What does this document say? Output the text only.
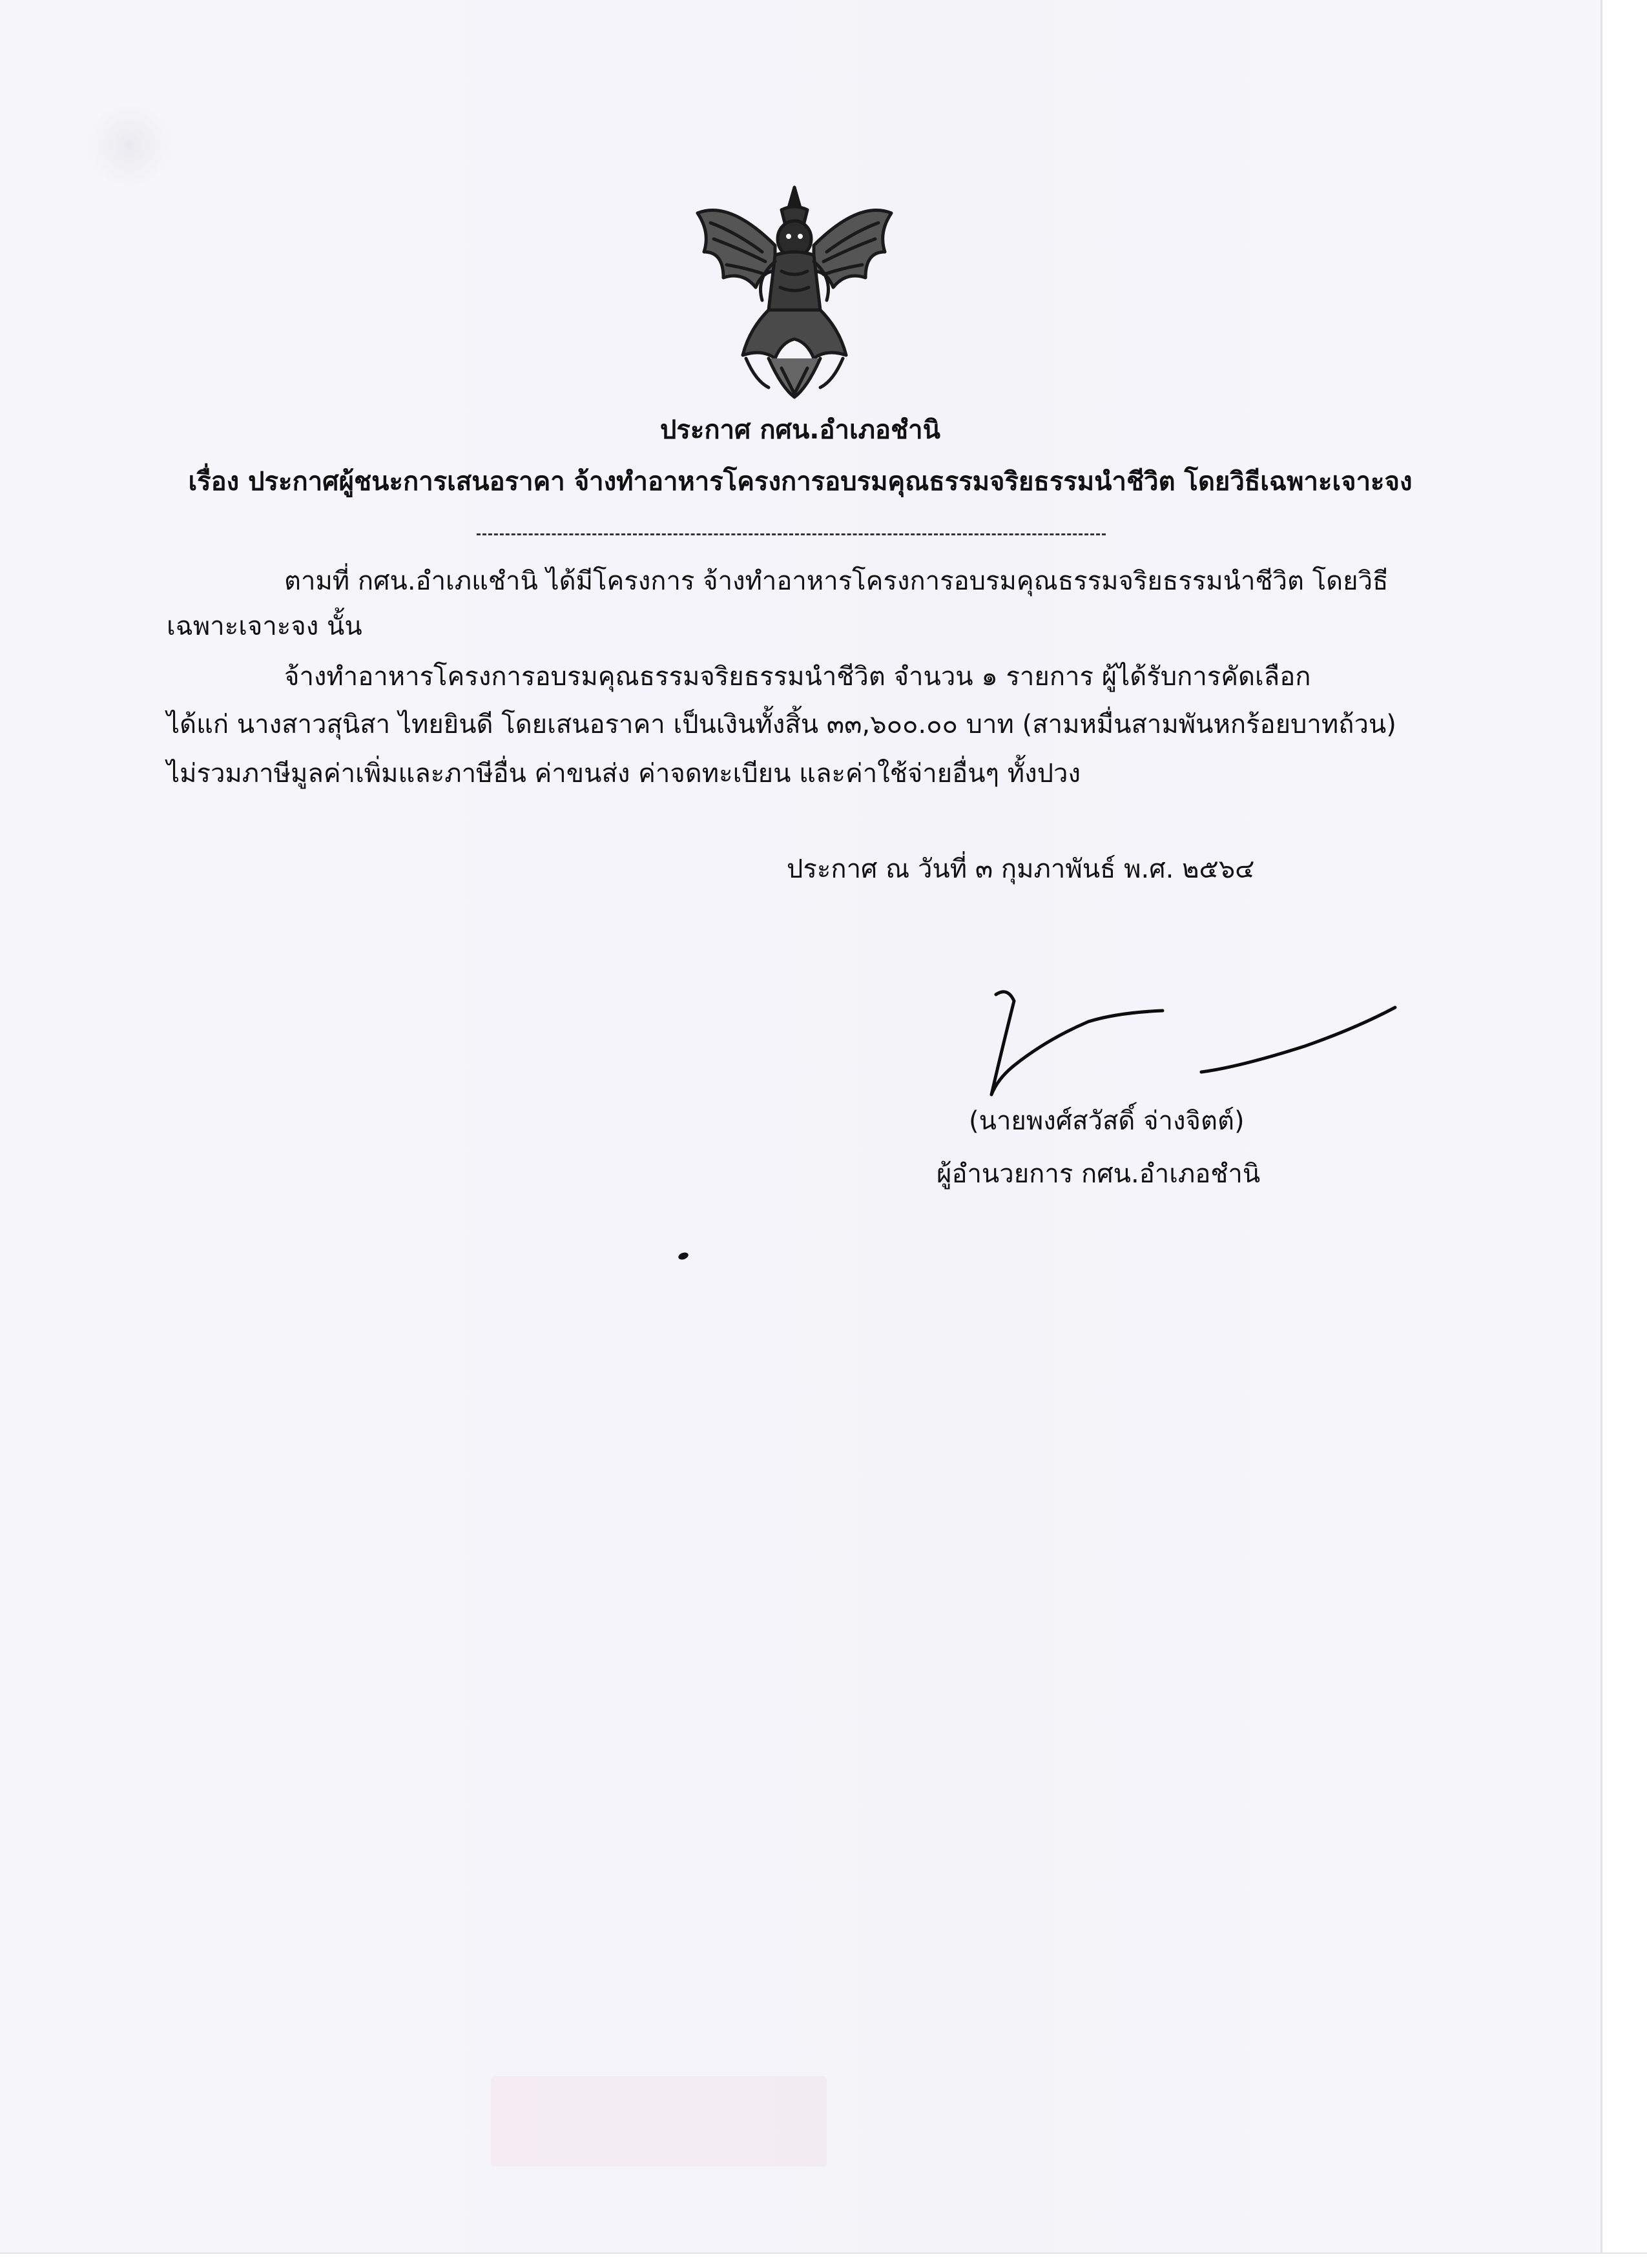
ประกาศ กศน.อำเภอชำนิ
เรื่อง ประกาศผู้ชนะการเสนอราคา จ้างทำอาหารโครงการอบรมคุณธรรมจริยธรรมนำชีวิต โดยวิธีเฉพาะเจาะจง
ตามที่ กศน.อำเภแชำนิ ได้มีโครงการ จ้างทำอาหารโครงการอบรมคุณธรรมจริยธรรมนำชีวิต โดยวิธี
เฉพาะเจาะจง นั้น
จ้างทำอาหารโครงการอบรมคุณธรรมจริยธรรมนำชีวิต จำนวน ๑ รายการ ผู้ได้รับการคัดเลือก
ได้แก่ นางสาวสุนิสา ไทยยินดี โดยเสนอราคา เป็นเงินทั้งสิ้น ๓๓,๖๐๐.๐๐ บาท (สามหมื่นสามพันหกร้อยบาทถ้วน)
ไม่รวมภาษีมูลค่าเพิ่มและภาษีอื่น ค่าขนส่ง ค่าจดทะเบียน และค่าใช้จ่ายอื่นๆ ทั้งปวง
ประกาศ ณ วันที่ ๓ กุมภาพันธ์ พ.ศ. ๒๕๖๔
(นายพงศ์สวัสดิ์ จ่างจิตต์)
ผู้อำนวยการ กศน.อำเภอชำนิ
